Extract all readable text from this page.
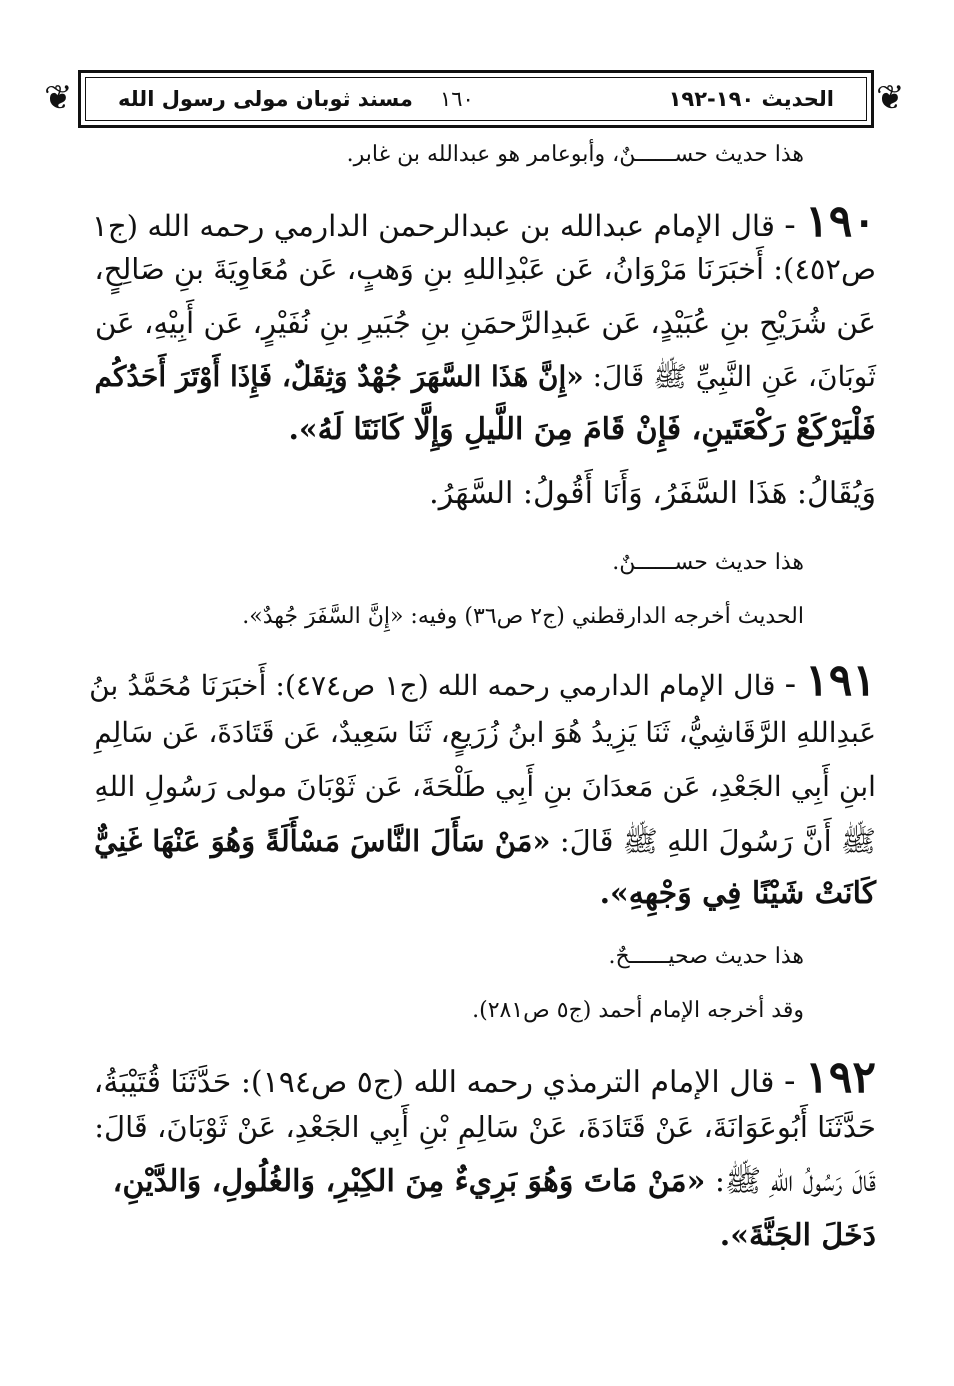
❦	❦
الحديث ١٩٠-١٩٢
١٦٠
مسند ثوبان مولى رسول الله
هذا حديث حســــــنٌ، وأبوعامر هو عبدالله بن غابر.
١٩٠ - قال الإمام عبدالله بن عبدالرحمن الدارمي رحمه الله (ج١
ص٤٥٢): أَخبَرَنَا مَرْوَانُ، عَن عَبْدِاللهِ بنِ وَهبٍ، عَن مُعَاوِيَةَ بنِ صَالِحٍ،
عَن شُرَيْحِ بنِ عُبَيْدٍ، عَن عَبدِالرَّحمَنِ بنِ جُبَيرِ بنِ نُفَيْرٍ، عَن أَبِيْهِ، عَن
ثَوبَانَ، عَنِ النَّبِيِّ ﷺ قَالَ: «إِنَّ هَذَا السَّهَرَ جُهْدٌ وَثِقَلٌ، فَإِذَا أَوْتَرَ أَحَدُكُم
فَلْيَرْكَعْ رَكْعَتَينِ، فَإِنْ قَامَ مِنَ اللَّيلِ وَإِلَّا كَانَتَا لَهُ».
وَيُقَالُ: هَذَا السَّفَرُ، وَأَنَا أَقُولُ: السَّهَرُ.
هذا حديث حســــــنٌ.
الحديث أخرجه الدارقطني (ج٢ ص٣٦) وفيه: «إِنَّ السَّفَرَ جُهدٌ».
١٩١ - قال الإمام الدارمي رحمه الله (ج١ ص٤٧٤): أَخبَرَنَا مُحَمَّدُ بنُ
عَبدِاللهِ الرَّقَاشِيُّ، ثَنَا يَزِيدُ هُوَ ابنُ زُرَيعٍ، ثَنَا سَعِيدٌ، عَن قَتَادَةَ، عَن سَالِمِ
ابنِ أَبِي الجَعْدِ، عَن مَعدَانَ بنِ أَبِي طَلْحَةَ، عَن ثَوْبَانَ مولى رَسُولِ اللهِ
ﷺ أَنَّ رَسُولَ اللهِ ﷺ قَالَ: «مَنْ سَأَلَ النَّاسَ مَسْأَلَةً وَهُوَ عَنْهَا غَنِيٌّ
كَانَتْ شَيْنًا فِي وَجْهِهِ».
هذا حديث صحيــــــحٌ.
وقد أخرجه الإمام أحمد (ج٥ ص٢٨١).
١٩٢ - قال الإمام الترمذي رحمه الله (ج٥ ص١٩٤): حَدَّثَنَا قُتَيْبَةُ،
حَدَّثَنَا أَبُوعَوَانَةَ، عَنْ قَتَادَةَ، عَنْ سَالِمِ بْنِ أَبِي الجَعْدِ، عَنْ ثَوْبَانَ، قَالَ:
قَالَ رَسُولُ اللهِ ﷺ: «مَنْ مَاتَ وَهُوَ بَرِيءٌ مِنَ الكِبْرِ، وَالغُلُولِ، وَالدَّيْنِ،
دَخَلَ الجَنَّةَ».
